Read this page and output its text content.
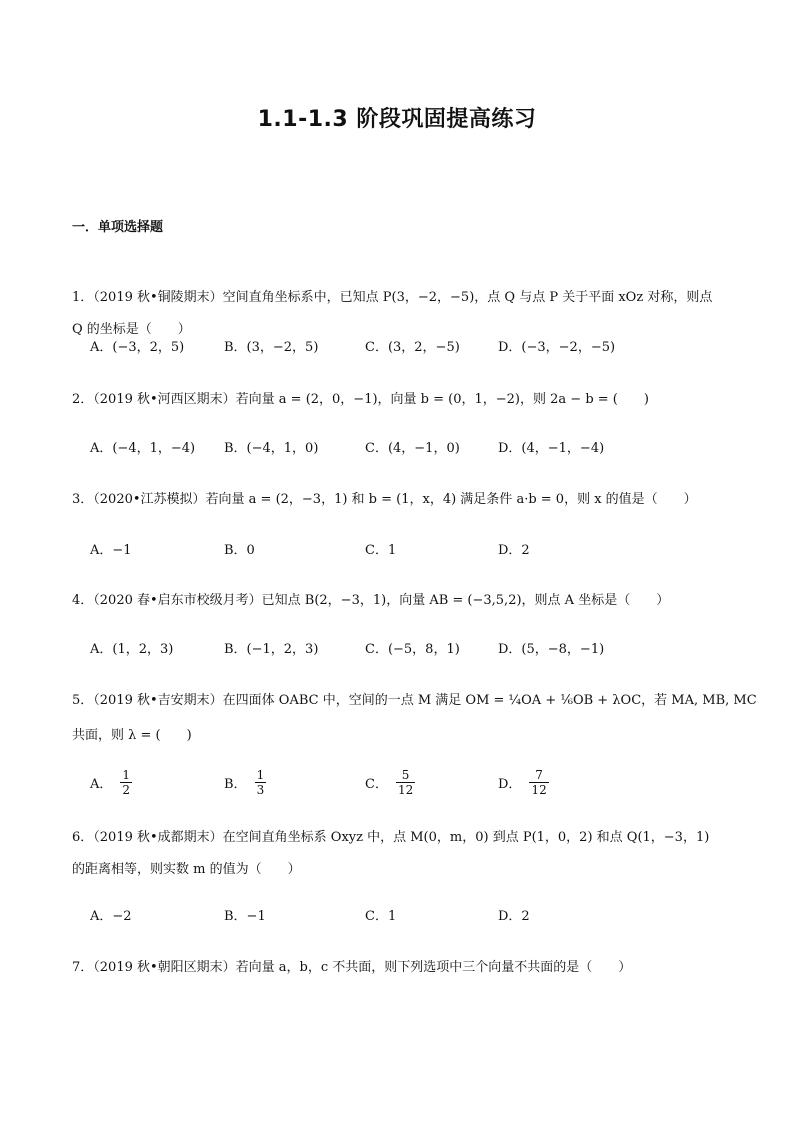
1.1-1.3 阶段巩固提高练习
一．单项选择题
1．（2019 秋•铜陵期末）空间直角坐标系中，已知点 P(3，−2，−5)，点 Q 与点 P 关于平面 xOz 对称，则点
Q 的坐标是（　　）
A．(−3，2，5)	B．(3，−2，5)	C．(3，2，−5)	D．(−3，−2，−5)
2．（2019 秋•河西区期末）若向量 a = (2，0，−1)，向量 b = (0，1，−2)，则 2a − b = (　　)
A．(−4，1，−4) B．(−4，1，0)	C．(4，−1，0)	D．(4，−1，−4)
3．（2020•江苏模拟）若向量 a = (2，−3，1) 和 b = (1，x，4) 满足条件 a·b = 0，则 x 的值是（　　）
A．−1	B．0	C．1	D．2
4．（2020 春•启东市校级月考）已知点 B(2，−3，1)，向量 AB = (−3,5,2)，则点 A 坐标是（　　）
A．(1，2，3)	B．(−1，2，3)	C．(−5，8，1)	D．(5，−8，−1)
5．（2019 秋•吉安期末）在四面体 OABC 中，空间的一点 M 满足 OM = ¼OA + ⅙OB + λOC，若 MA, MB, MC
共面，则 λ = (　　)
A． $\frac{1}{2}$	B． $\frac{1}{3}$	C． $\frac{5}{12}$	D． $\frac{7}{12}$
6．（2019 秋•成都期末）在空间直角坐标系 Oxyz 中，点 M(0，m，0) 到点 P(1，0，2) 和点 Q(1，−3，1)
的距离相等，则实数 m 的值为（　　）
A．−2	B．−1	C．1	D．2
7．（2019 秋•朝阳区期末）若向量 a，b，c 不共面，则下列选项中三个向量不共面的是（　　）
